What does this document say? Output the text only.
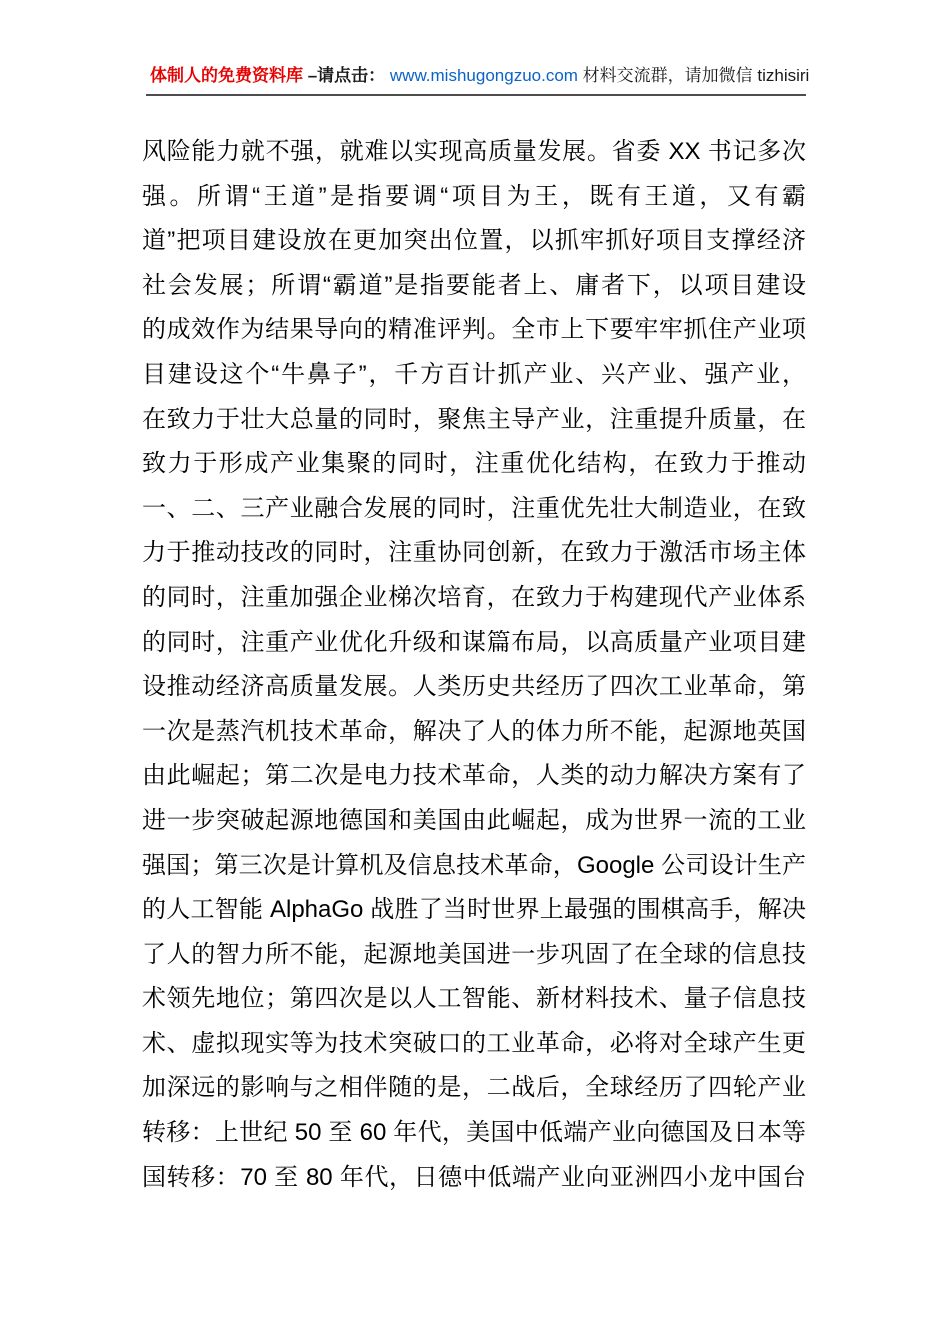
体制人的免费资料库 –请点击： www.mishugongzuo.com 材料交流群，请加微信 tizhisiri
风险能力就不强，就难以实现高质量发展。省委 XX 书记多次
强。所谓“王道”是指要调“项目为王，既有王道，又有霸
道”把项目建设放在更加突出位置，以抓牢抓好项目支撑经济
社会发展；所谓“霸道”是指要能者上、庸者下，以项目建设
的成效作为结果导向的精准评判。全市上下要牢牢抓住产业项
目建设这个“牛鼻子”，千方百计抓产业、兴产业、强产业，
在致力于壮大总量的同时，聚焦主导产业，注重提升质量，在
致力于形成产业集聚的同时，注重优化结构，在致力于推动
一、二、三产业融合发展的同时，注重优先壮大制造业，在致
力于推动技改的同时，注重协同创新，在致力于激活市场主体
的同时，注重加强企业梯次培育，在致力于构建现代产业体系
的同时，注重产业优化升级和谋篇布局，以高质量产业项目建
设推动经济高质量发展。人类历史共经历了四次工业革命，第
一次是蒸汽机技术革命，解决了人的体力所不能，起源地英国
由此崛起；第二次是电力技术革命，人类的动力解决方案有了
进一步突破起源地德国和美国由此崛起，成为世界一流的工业
强国；第三次是计算机及信息技术革命，Google 公司设计生产
的人工智能 AlphaGo 战胜了当时世界上最强的围棋高手，解决
了人的智力所不能，起源地美国进一步巩固了在全球的信息技
术领先地位；第四次是以人工智能、新材料技术、量子信息技
术、虚拟现实等为技术突破口的工业革命，必将对全球产生更
加深远的影响与之相伴随的是，二战后，全球经历了四轮产业
转移：上世纪 50 至 60 年代，美国中低端产业向德国及日本等
国转移：70 至 80 年代，日德中低端产业向亚洲四小龙中国台
